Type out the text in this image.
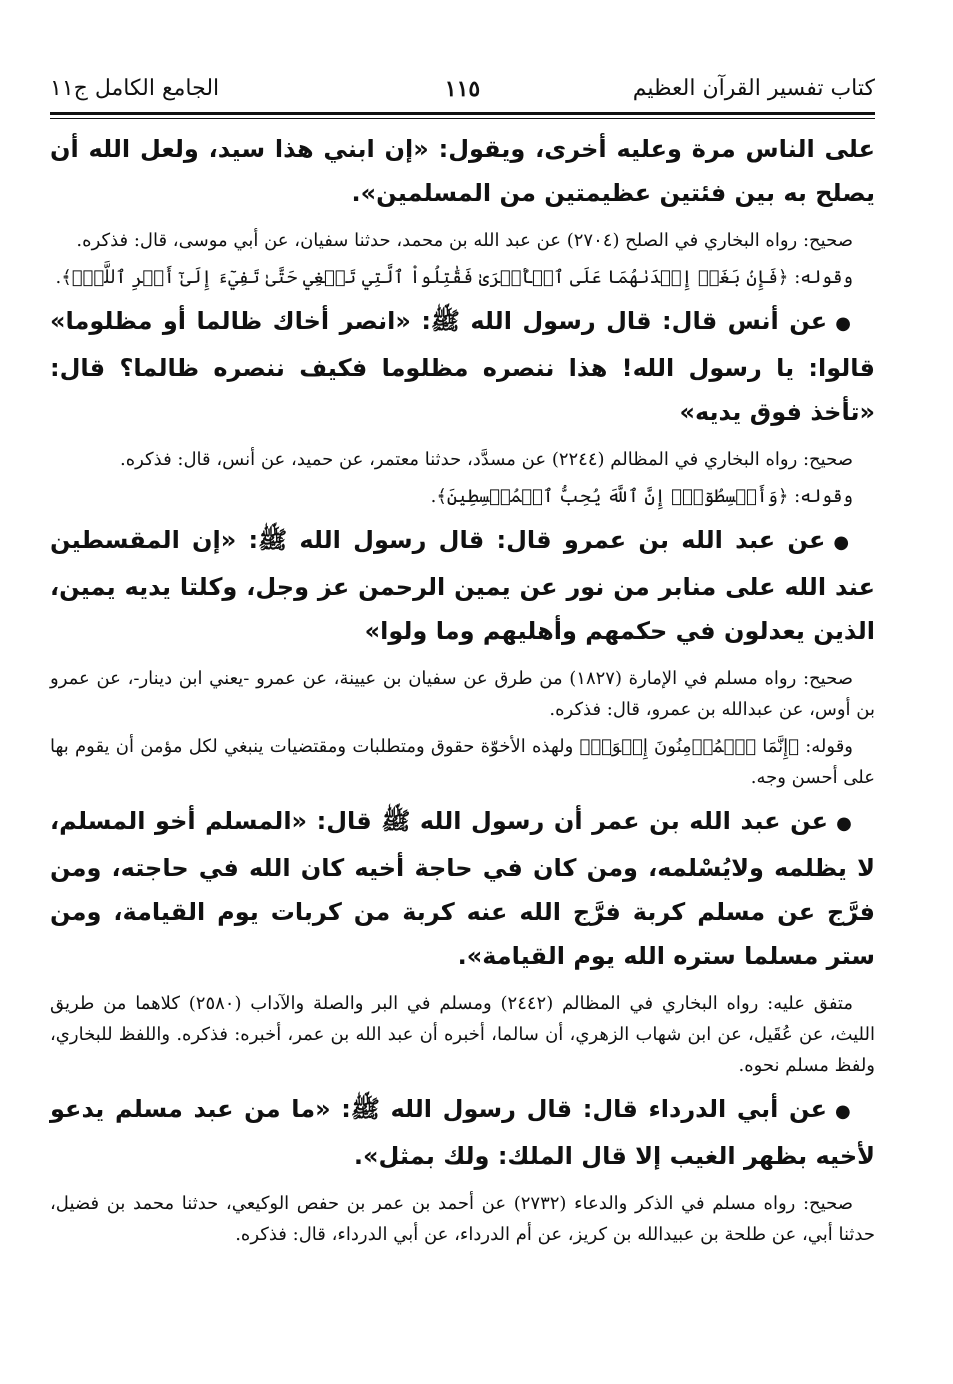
كتاب تفسير القرآن العظيم
١١٥
الجامع الكامل ج١١

على الناس مرة وعليه أخرى، ويقول: «إن ابني هذا سيد، ولعل الله أن يصلح به بين فئتين عظيمتين من المسلمين».

صحيح: رواه البخاري في الصلح (٢٧٠٤) عن عبد الله بن محمد، حدثنا سفيان، عن أبي موسى، قال: فذكره.

وقوله: ﴿فَإِنۢ بَغَتۡ إِحۡدَىٰهُمَا عَلَى ٱلۡأُخۡرَىٰ فَقَٰتِلُواْ ٱلَّتِي تَبۡغِي حَتَّىٰ تَفِيٓءَ إِلَىٰٓ أَمۡرِ ٱللَّهِۚ﴾.

●عن أنس قال: قال رسول الله ﷺ: «انصر أخاك ظالما أو مظلوما» قالوا: يا رسول الله! هذا ننصره مظلوما فكيف ننصره ظالما؟ قال: «تأخذ فوق يديه»

صحيح: رواه البخاري في المظالم (٢٢٤٤) عن مسدَّد، حدثنا معتمر، عن حميد، عن أنس، قال: فذكره.

وقوله: ﴿وَأَقۡسِطُوٓاْۖ إِنَّ ٱللَّهَ يُحِبُّ ٱلۡمُقۡسِطِينَ﴾.

●عن عبد الله بن عمرو قال: قال رسول الله ﷺ: «إن المقسطين عند الله على منابر من نور عن يمين الرحمن عز وجل، وكلتا يديه يمين، الذين يعدلون في حكمهم وأهليهم وما ولوا»

صحيح: رواه مسلم في الإمارة (١٨٢٧) من طرق عن سفيان بن عيينة، عن عمرو -يعني ابن دينار-، عن عمرو بن أوس، عن عبدالله بن عمرو، قال: فذكره.

وقوله: ﴿إِنَّمَا ٱلۡمُؤۡمِنُونَ إِخۡوَةٞ﴾ ولهذه الأخوّة حقوق ومتطلبات ومقتضيات ينبغي لكل مؤمن أن يقوم بها على أحسن وجه.

●عن عبد الله بن عمر أن رسول الله ﷺ قال: «المسلم أخو المسلم، لا يظلمه ولايُسْلمه، ومن كان في حاجة أخيه كان الله في حاجته، ومن فرَّج عن مسلم كربة فرَّج الله عنه كربة من كربات يوم القيامة، ومن ستر مسلما ستره الله يوم القيامة».

متفق عليه: رواه البخاري في المظالم (٢٤٤٢) ومسلم في البر والصلة والآداب (٢٥٨٠) كلاهما من طريق الليث، عن عُقَيل، عن ابن شهاب الزهري، أن سالما، أخبره أن عبد الله بن عمر، أخبره: فذكره. واللفظ للبخاري، ولفظ مسلم نحوه.

●عن أبي الدرداء قال: قال رسول الله ﷺ: «ما من عبد مسلم يدعو لأخيه بظهر الغيب إلا قال الملك: ولك بمثل».

صحيح: رواه مسلم في الذكر والدعاء (٢٧٣٢) عن أحمد بن عمر بن حفص الوكيعي، حدثنا محمد بن فضيل، حدثنا أبي، عن طلحة بن عبيدالله بن كريز، عن أم الدرداء، عن أبي الدرداء، قال: فذكره.
